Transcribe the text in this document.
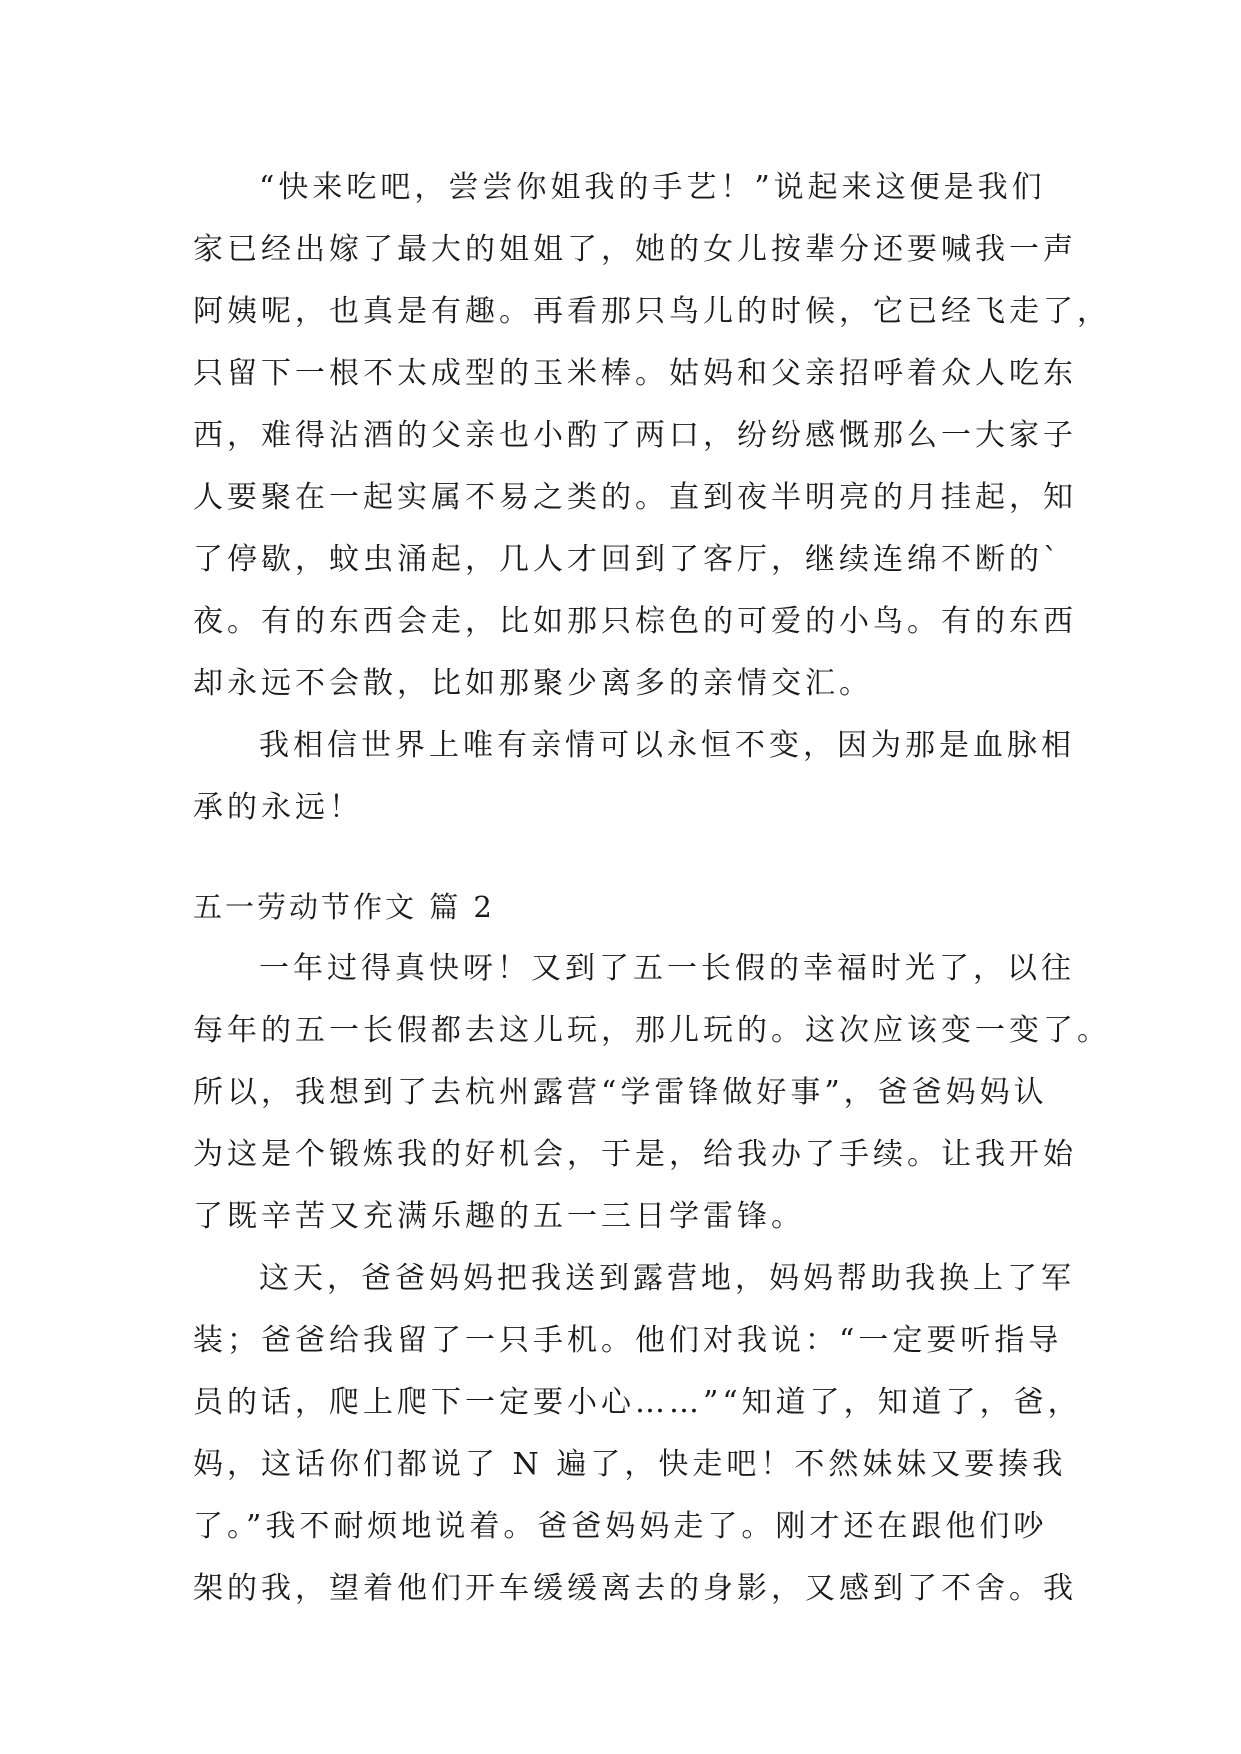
“快来吃吧，尝尝你姐我的手艺！”说起来这便是我们
家已经出嫁了最大的姐姐了，她的女儿按辈分还要喊我一声
阿姨呢，也真是有趣。再看那只鸟儿的时候，它已经飞走了，
只留下一根不太成型的玉米棒。姑妈和父亲招呼着众人吃东
西，难得沾酒的父亲也小酌了两口，纷纷感慨那么一大家子
人要聚在一起实属不易之类的。直到夜半明亮的月挂起，知
了停歇，蚊虫涌起，几人才回到了客厅，继续连绵不断的`
夜。有的东西会走，比如那只棕色的可爱的小鸟。有的东西
却永远不会散，比如那聚少离多的亲情交汇。
我相信世界上唯有亲情可以永恒不变，因为那是血脉相
承的永远！
五一劳动节作文 篇 2
一年过得真快呀！又到了五一长假的幸福时光了，以往
每年的五一长假都去这儿玩，那儿玩的。这次应该变一变了。
所以，我想到了去杭州露营“学雷锋做好事”，爸爸妈妈认
为这是个锻炼我的好机会，于是，给我办了手续。让我开始
了既辛苦又充满乐趣的五一三日学雷锋。
这天，爸爸妈妈把我送到露营地，妈妈帮助我换上了军
装；爸爸给我留了一只手机。他们对我说：“一定要听指导
员的话，爬上爬下一定要小心……”“知道了，知道了，爸，
妈，这话你们都说了 N 遍了，快走吧！不然妹妹又要揍我
了。”我不耐烦地说着。爸爸妈妈走了。刚才还在跟他们吵
架的我，望着他们开车缓缓离去的身影，又感到了不舍。我
